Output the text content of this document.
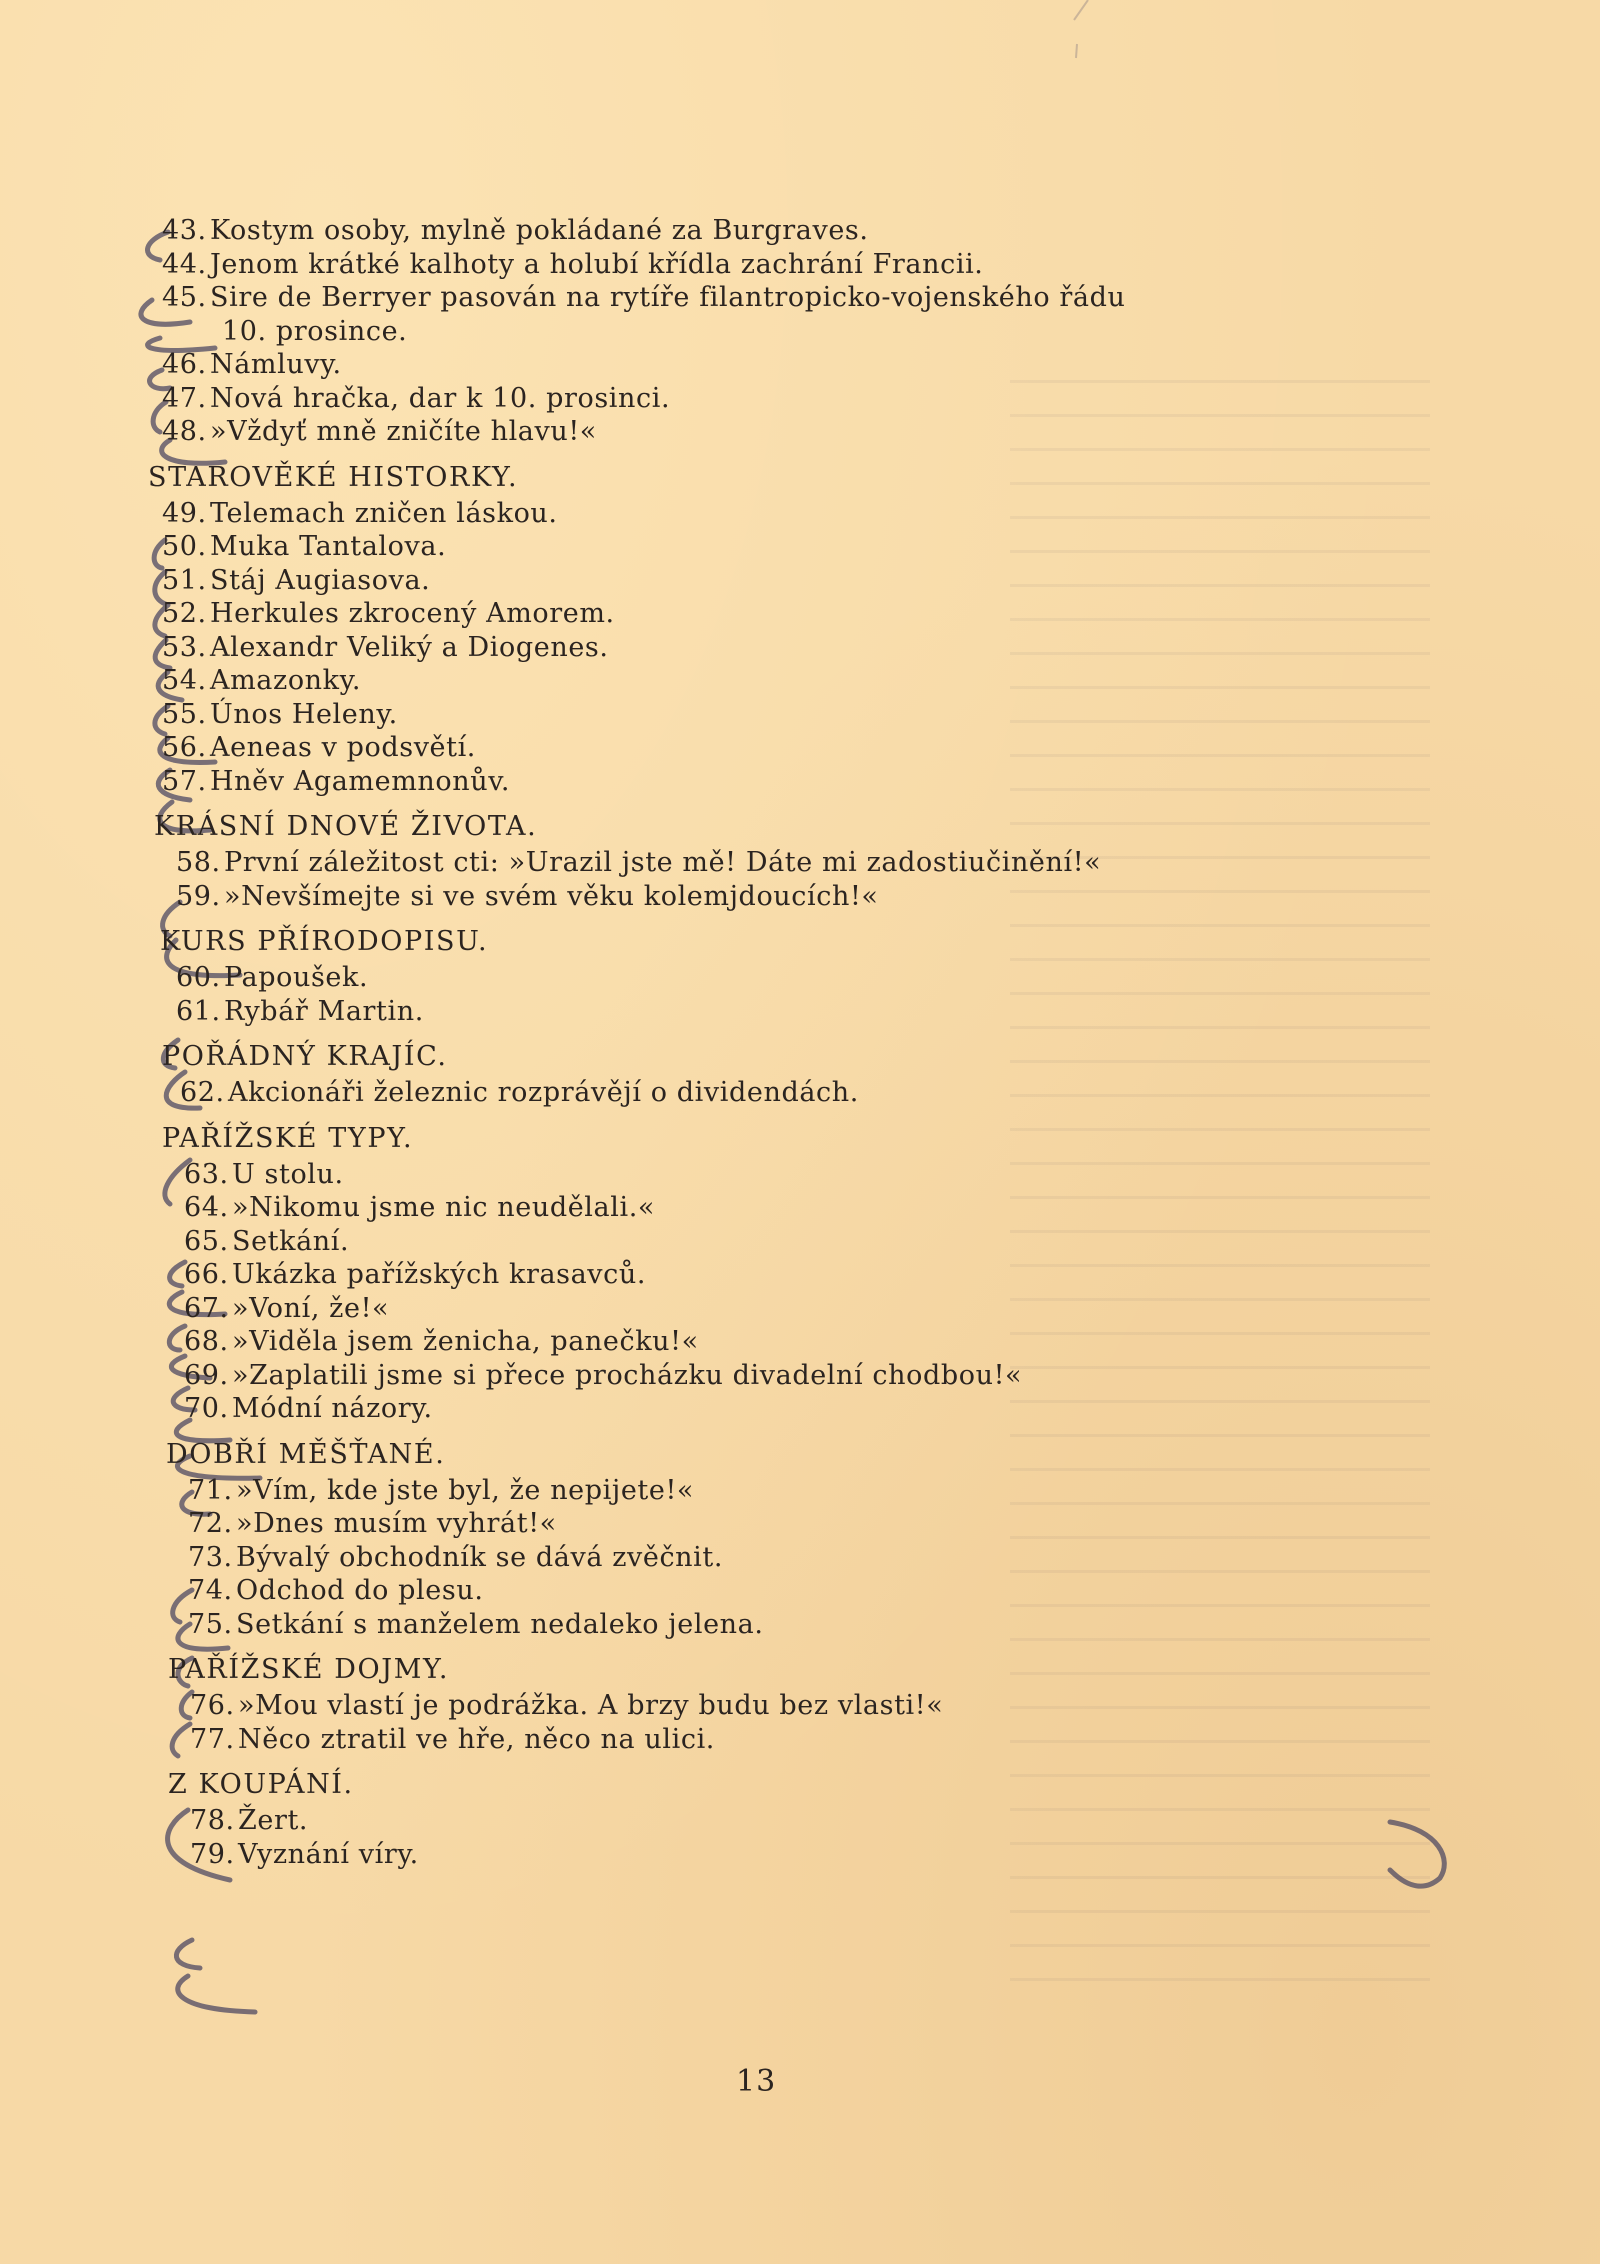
43. Kostym osoby, mylně pokládané za Burgraves.
44. Jenom krátké kalhoty a holubí křídla zachrání Francii.
45. Sire de Berryer pasován na rytíře filantropicko-vojenského řádu
10. prosince.
46. Námluvy.
47. Nová hračka, dar k 10. prosinci.
48. »Vždyť mně zničíte hlavu!«
STAROVĚKÉ HISTORKY.
49. Telemach zničen láskou.
50. Muka Tantalova.
51. Stáj Augiasova.
52. Herkules zkrocený Amorem.
53. Alexandr Veliký a Diogenes.
54. Amazonky.
55. Únos Heleny.
56. Aeneas v podsvětí.
57. Hněv Agamemnonův.
KRÁSNÍ DNOVÉ ŽIVOTA.
58. První záležitost cti: »Urazil jste mě! Dáte mi zadostiučinění!«
59. »Nevšímejte si ve svém věku kolemjdoucích!«
KURS PŘÍRODOPISU.
60. Papoušek.
61. Rybář Martin.
POŘÁDNÝ KRAJÍC.
62. Akcionáři železnic rozprávějí o dividendách.
PAŘÍŽSKÉ TYPY.
63. U stolu.
64. »Nikomu jsme nic neudělali.«
65. Setkání.
66. Ukázka pařížských krasavců.
67. »Voní, že!«
68. »Viděla jsem ženicha, panečku!«
69. »Zaplatili jsme si přece procházku divadelní chodbou!«
70. Módní názory.
DOBŘÍ MĚŠŤANÉ.
71. »Vím, kde jste byl, že nepijete!«
72. »Dnes musím vyhrát!«
73. Bývalý obchodník se dává zvěčnit.
74. Odchod do plesu.
75. Setkání s manželem nedaleko jelena.
PAŘÍŽSKÉ DOJMY.
76. »Mou vlastí je podrážka. A brzy budu bez vlasti!«
77. Něco ztratil ve hře, něco na ulici.
Z KOUPÁNÍ.
78. Žert.
79. Vyznání víry.
13
